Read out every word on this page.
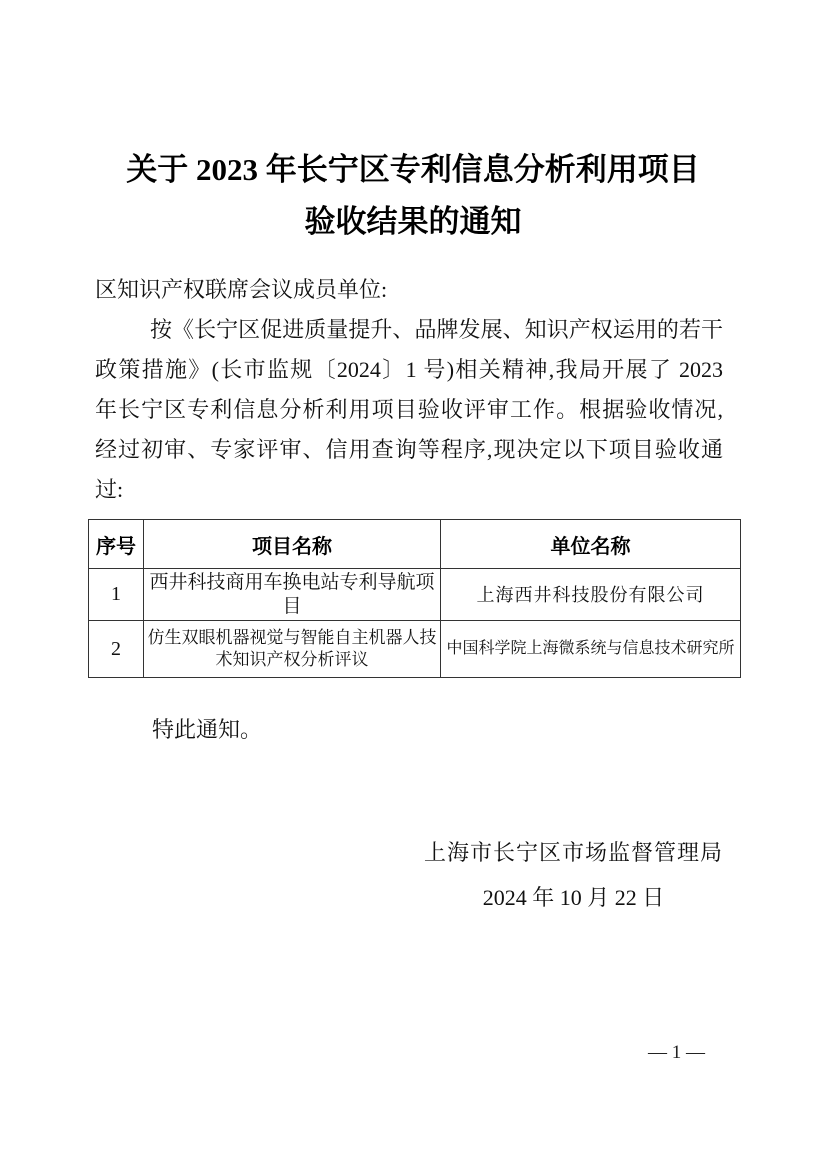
关于 2023 年长宁区专利信息分析利用项目
验收结果的通知
区知识产权联席会议成员单位:
按《长宁区促进质量提升、品牌发展、知识产权运用的若干
政策措施》(长市监规〔2024〕1 号)相关精神,我局开展了 2023
年长宁区专利信息分析利用项目验收评审工作。根据验收情况,
经过初审、专家评审、信用查询等程序,现决定以下项目验收通
过:
序号	项目名称	单位名称
1	西井科技商用车换电站专利导航项目	上海西井科技股份有限公司
2	仿生双眼机器视觉与智能自主机器人技术知识产权分析评议	中国科学院上海微系统与信息技术研究所
特此通知。
上海市长宁区市场监督管理局
2024 年 10 月 22 日
— 1 —
